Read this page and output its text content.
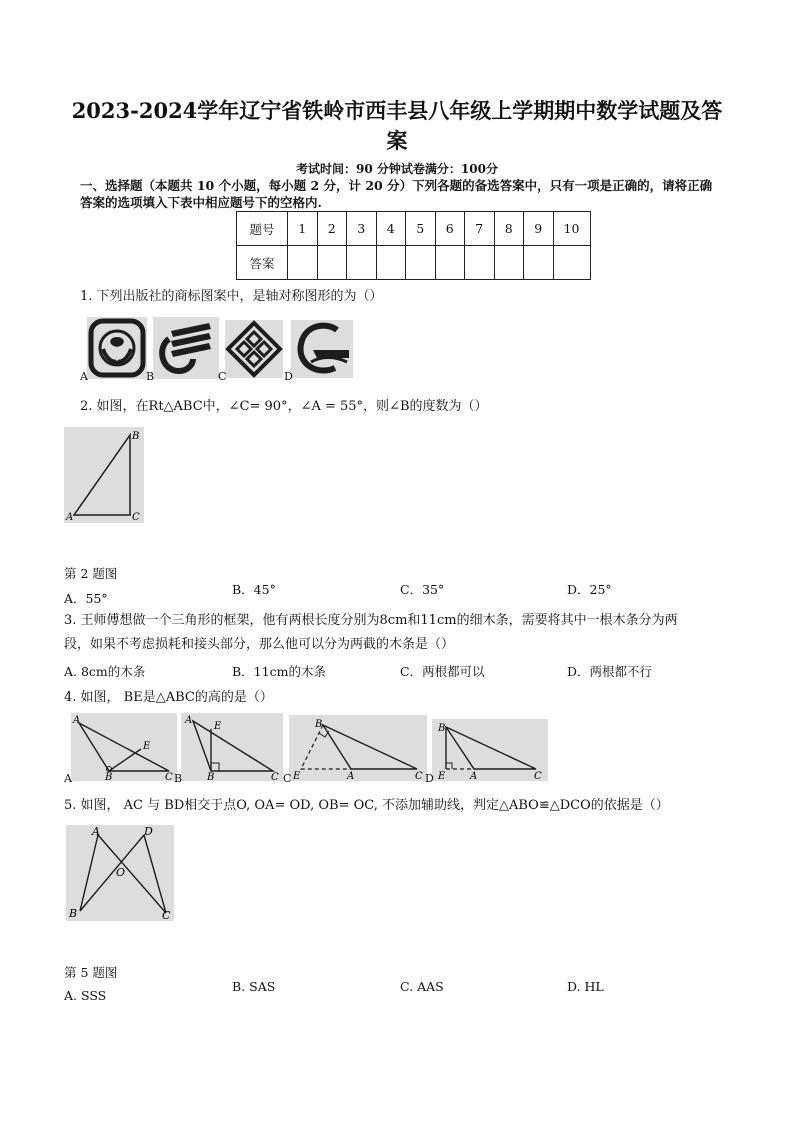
2023-2024学年辽宁省铁岭市西丰县八年级上学期期中数学试题及答
案
考试时间：90 分钟试卷满分：100分
一、选择题（本题共 10 个小题，每小题 2 分，计 20 分）下列各题的备选答案中，只有一项是正确的，请将正确答案的选项填入下表中相应题号下的空格内.
题号	1	2	3	4	5	6	7	8	9	10
答案										
1. 下列出版社的商标图案中，是轴对称图形的为（）
A	B	C	D
2. 如图，在Rt△ABC中，∠C= 90°，∠A = 55°，则∠B的度数为（）
B
A	C
第 2 题图
A．55°
B．45°	C．35°	D．25°
3. 王师傅想做一个三角形的框架，他有两根长度分别为8cm和11cm的细木条，需要将其中一根木条分为两
段，如果不考虑损耗和接头部分，那么他可以分为两截的木条是（）
A. 8cm的木条	B．11cm的木条	C．两根都可以	D．两根都不行
4. 如图， BE是△ABC的高的是（）
A
E
B	C
A
A
E
B	C
B
B
E	A	C
C
B
E A	C
D
5. 如图， AC 与 BD相交于点O, OA= OD, OB= OC, 不添加辅助线，判定△ABO≌△DCO的依据是（）
A	D
O
B	C
第 5 题图
A. SSS
B. SAS	C. AAS	D. HL
